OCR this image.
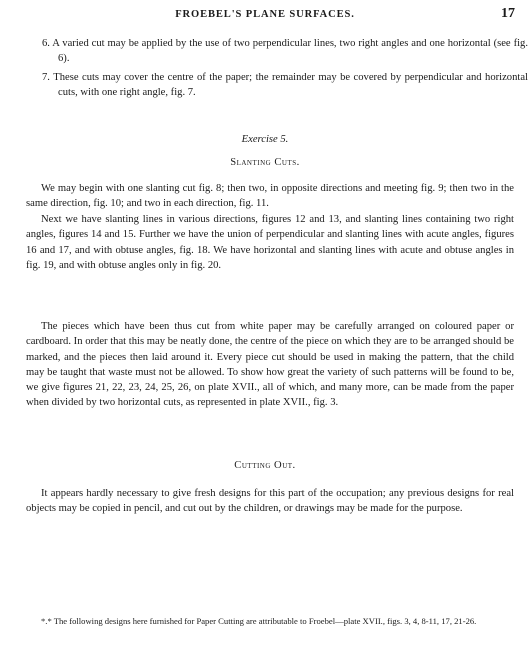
FROEBEL'S PLANE SURFACES.	17

6. A varied cut may be applied by the use of two perpendicular lines, two right angles and one horizontal (see fig. 6).

7. These cuts may cover the centre of the paper; the remainder may be covered by perpendicular and horizontal cuts, with one right angle, fig. 7.

Exercise 5.
Slanting Cuts.

We may begin with one slanting cut fig. 8; then two, in opposite directions and meeting fig. 9; then two in the same direction, fig. 10; and two in each direction, fig. 11.

Next we have slanting lines in various directions, figures 12 and 13, and slanting lines containing two right angles, figures 14 and 15. Further we have the union of perpendicular and slanting lines with acute angles, figures 16 and 17, and with obtuse angles, fig. 18. We have horizontal and slanting lines with acute and obtuse angles in fig. 19, and with obtuse angles only in fig. 20.

The pieces which have been thus cut from white paper may be carefully arranged on coloured paper or cardboard. In order that this may be neatly done, the centre of the piece on which they are to be arranged should be marked, and the pieces then laid around it. Every piece cut should be used in making the pattern, that the child may be taught that waste must not be allowed. To show how great the variety of such patterns will be found to be, we give figures 21, 22, 23, 24, 25, 26, on plate XVII., all of which, and many more, can be made from the paper when divided by two horizontal cuts, as represented in plate XVII., fig. 3.

Cutting Out.

It appears hardly necessary to give fresh designs for this part of the occupation; any previous designs for real objects may be copied in pencil, and cut out by the children, or drawings may be made for the purpose.

*.* The following designs here furnished for Paper Cutting are attributable to Froebel—plate XVII., figs. 3, 4, 8-11, 17, 21-26.
